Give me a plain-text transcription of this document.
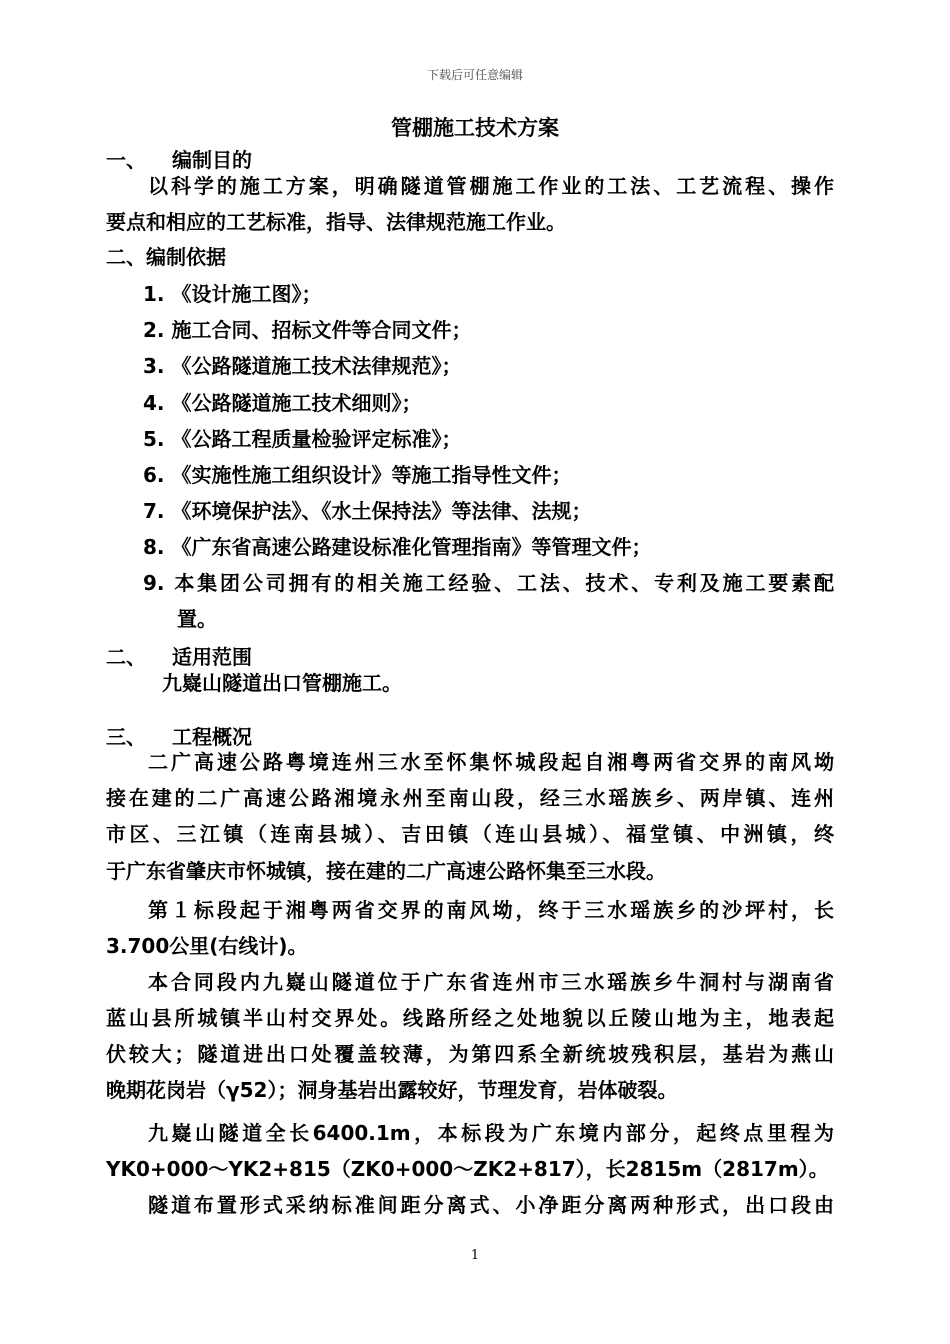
下载后可任意编辑
管棚施工技术方案
一、 编制目的
以科学的施工方案，明确隧道管棚施工作业的工法、工艺流程、操作
要点和相应的工艺标准，指导、法律规范施工作业。
二、编制依据
1. 《设计施工图》；
2. 施工合同、招标文件等合同文件；
3. 《公路隧道施工技术法律规范》；
4. 《公路隧道施工技术细则》；
5. 《公路工程质量检验评定标准》；
6. 《实施性施工组织设计》等施工指导性文件；
7. 《环境保护法》、《水土保持法》等法律、法规；
8. 《广东省高速公路建设标准化管理指南》等管理文件；
9. 本集团公司拥有的相关施工经验、工法、技术、专利及施工要素配
置。
二、 适用范围
九嶷山隧道出口管棚施工。
三、 工程概况
二广高速公路粤境连州三水至怀集怀城段起自湘粤两省交界的南风坳
接在建的二广高速公路湘境永州至南山段，经三水瑶族乡、两岸镇、连州
市区、三江镇（连南县城）、吉田镇（连山县城）、福堂镇、中洲镇，终
于广东省肇庆市怀城镇，接在建的二广高速公路怀集至三水段。
第１标段起于湘粤两省交界的南风坳，终于三水瑶族乡的沙坪村，长
3.700公里(右线计)。
本合同段内九嶷山隧道位于广东省连州市三水瑶族乡牛洞村与湖南省
蓝山县所城镇半山村交界处。线路所经之处地貌以丘陵山地为主，地表起
伏较大；隧道进出口处覆盖较薄，为第四系全新统坡残积层，基岩为燕山
晚期花岗岩（γ52）；洞身基岩出露较好，节理发育，岩体破裂。
九嶷山隧道全长6400.1m，本标段为广东境内部分，起终点里程为
YK0+000～YK2+815（ZK0+000～ZK2+817），长2815m（2817m）。
隧道布置形式采纳标准间距分离式、小净距分离两种形式，出口段由
1
